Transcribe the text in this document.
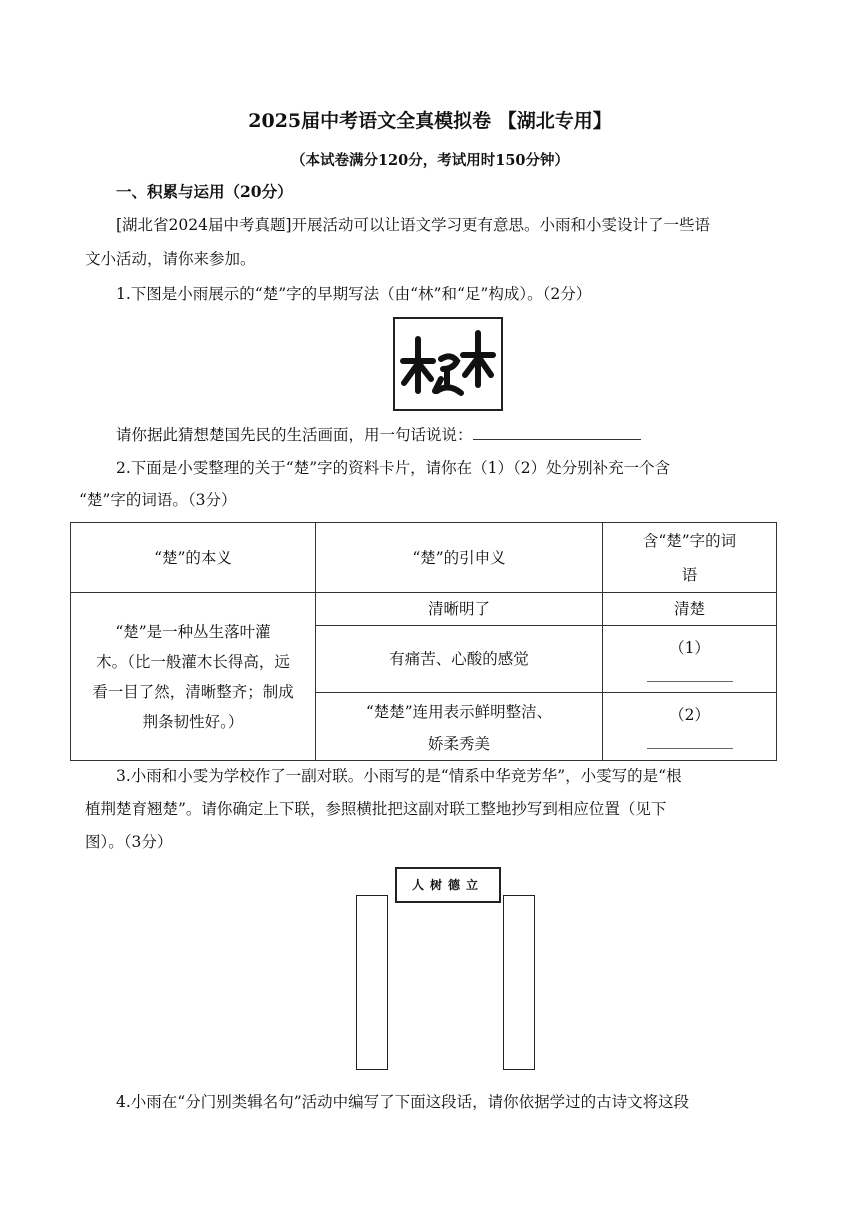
2025届中考语文全真模拟卷 【湖北专用】
（本试卷满分120分，考试用时150分钟）
一、积累与运用（20分）
[湖北省2024届中考真题]开展活动可以让语文学习更有意思。小雨和小雯设计了一些语
文小活动，请你来参加。
1.下图是小雨展示的“楚”字的早期写法（由“林”和“足”构成）。（2分）
请你据此猜想楚国先民的生活画面，用一句话说说：
2.下面是小雯整理的关于“楚”字的资料卡片，请你在（1）（2）处分别补充一个含
“楚”字的词语。（3分）
“楚”的本义	“楚”的引申义	含“楚”字的词
语

“楚”是一种丛生落叶灌
木。（比一般灌木长得高，远
看一目了然，清晰整齐；制成
荆条韧性好。）	清晰明了	清楚
	有痛苦、心酸的感觉	（1）

	“楚楚”连用表示鲜明整洁、
娇柔秀美	（2）
3.小雨和小雯为学校作了一副对联。小雨写的是“情系中华竞芳华”，小雯写的是“根
植荆楚育翘楚”。请你确定上下联，参照横批把这副对联工整地抄写到相应位置（见下
图）。（3分）
人树德立
4.小雨在“分门别类辑名句”活动中编写了下面这段话，请你依据学过的古诗文将这段
